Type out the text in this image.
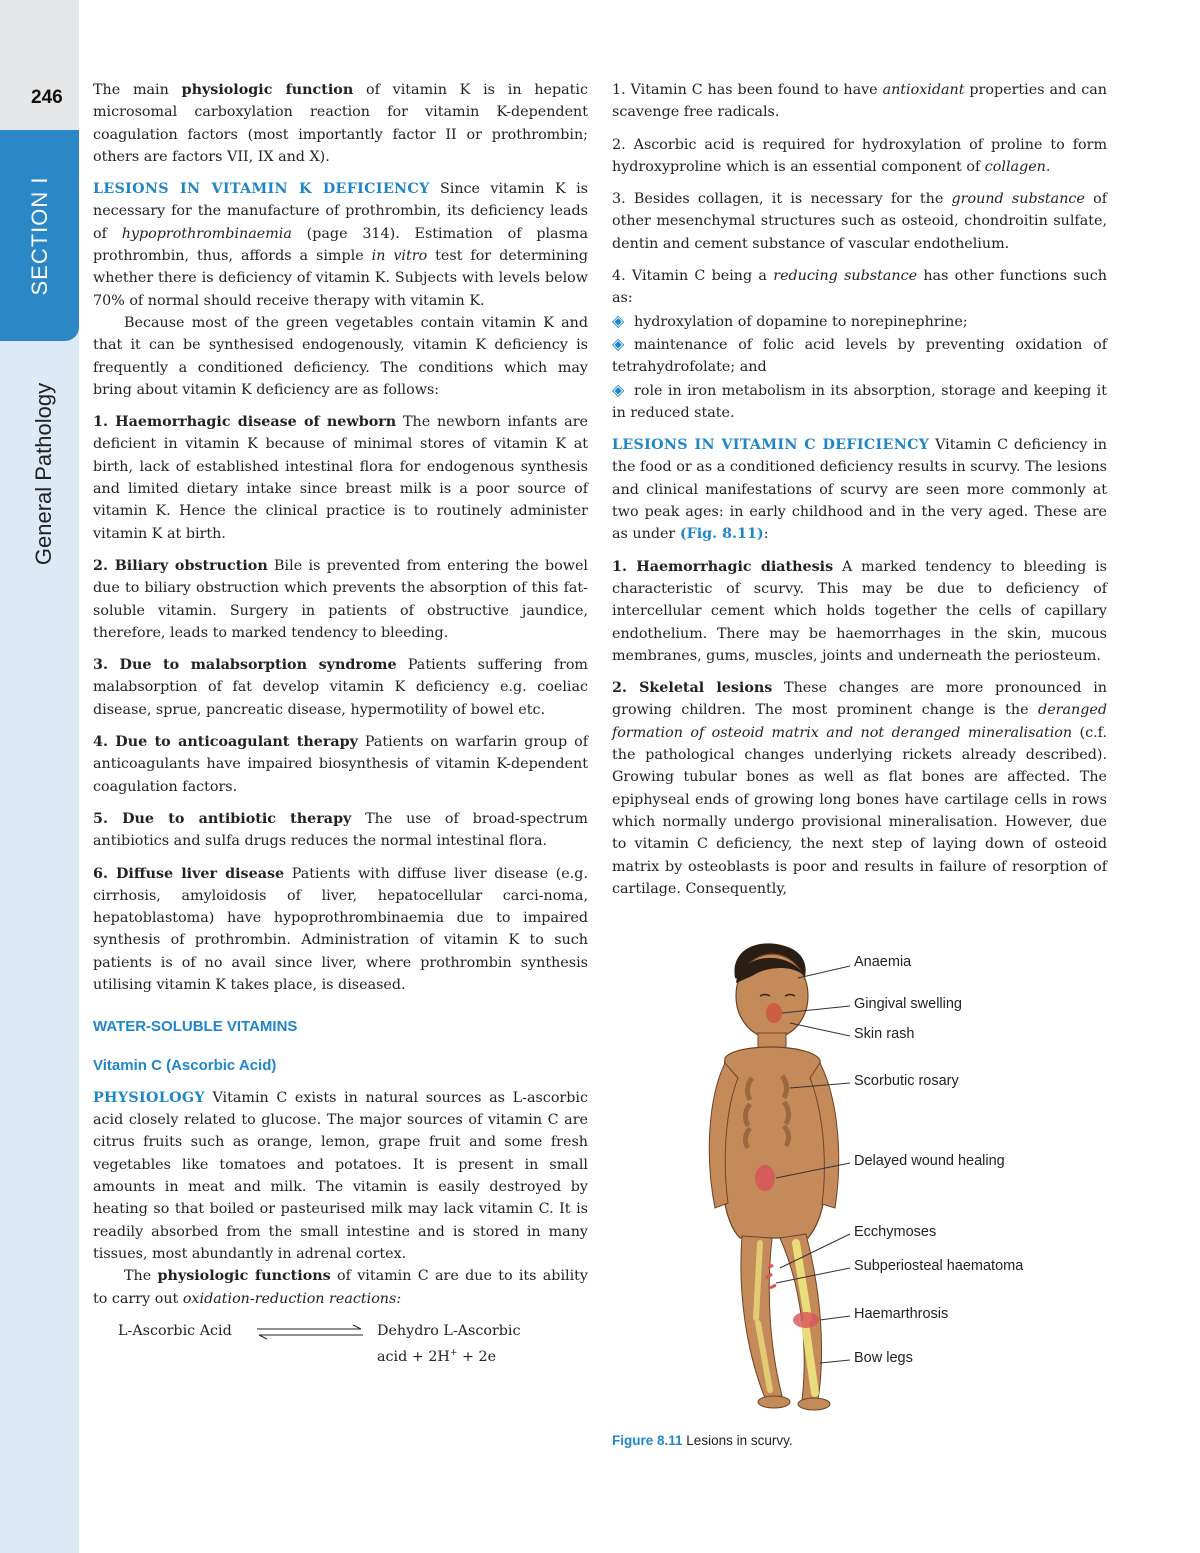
246
SECTION I
General Pathology

The main physiologic function of vitamin K is in hepatic microsomal carboxylation reaction for vitamin K-dependent coagulation factors (most importantly factor II or prothrombin; others are factors VII, IX and X).

LESIONS IN VITAMIN K DEFICIENCY Since vitamin K is necessary for the manufacture of prothrombin, its deficiency leads of hypoprothrombinaemia (page 314). Estimation of plasma prothrombin, thus, affords a simple in vitro test for determining whether there is deficiency of vitamin K. Subjects with levels below 70% of normal should receive therapy with vitamin K.

Because most of the green vegetables contain vitamin K and that it can be synthesised endogenously, vitamin K deficiency is frequently a conditioned deficiency. The conditions which may bring about vitamin K deficiency are as follows:

1. Haemorrhagic disease of newborn The newborn infants are deficient in vitamin K because of minimal stores of vitamin K at birth, lack of established intestinal flora for endogenous synthesis and limited dietary intake since breast milk is a poor source of vitamin K. Hence the clinical practice is to routinely administer vitamin K at birth.

2. Biliary obstruction Bile is prevented from entering the bowel due to biliary obstruction which prevents the absorption of this fat-soluble vitamin. Surgery in patients of obstructive jaundice, therefore, leads to marked tendency to bleeding.

3. Due to malabsorption syndrome Patients suffering from malabsorption of fat develop vitamin K deficiency e.g. coeliac disease, sprue, pancreatic disease, hypermotility of bowel etc.

4. Due to anticoagulant therapy Patients on warfarin group of anticoagulants have impaired biosynthesis of vitamin K-dependent coagulation factors.

5. Due to antibiotic therapy The use of broad-spectrum antibiotics and sulfa drugs reduces the normal intestinal flora.

6. Diffuse liver disease Patients with diffuse liver disease (e.g. cirrhosis, amyloidosis of liver, hepatocellular carci-noma, hepatoblastoma) have hypoprothrombinaemia due to impaired synthesis of prothrombin. Administration of vitamin K to such patients is of no avail since liver, where prothrombin synthesis utilising vitamin K takes place, is diseased.

WATER-SOLUBLE VITAMINS
Vitamin C (Ascorbic Acid)

PHYSIOLOGY Vitamin C exists in natural sources as L-ascorbic acid closely related to glucose. The major sources of vitamin C are citrus fruits such as orange, lemon, grape fruit and some fresh vegetables like tomatoes and potatoes. It is present in small amounts in meat and milk. The vitamin is easily destroyed by heating so that boiled or pasteurised milk may lack vitamin C. It is readily absorbed from the small intestine and is stored in many tissues, most abundantly in adrenal cortex.

The physiologic functions of vitamin C are due to its ability to carry out oxidation-reduction reactions:

L-Ascorbic Acid	Dehydro L-Ascorbic
acid + 2H+ + 2e

1. Vitamin C has been found to have antioxidant properties and can scavenge free radicals.

2. Ascorbic acid is required for hydroxylation of proline to form hydroxyproline which is an essential component of collagen.

3. Besides collagen, it is necessary for the ground substance of other mesenchymal structures such as osteoid, chondroitin sulfate, dentin and cement substance of vascular endothelium.

4. Vitamin C being a reducing substance has other functions such as:

◈ hydroxylation of dopamine to norepinephrine;
◈ maintenance of folic acid levels by preventing oxidation of tetrahydrofolate; and
◈ role in iron metabolism in its absorption, storage and keeping it in reduced state.

LESIONS IN VITAMIN C DEFICIENCY Vitamin C deficiency in the food or as a conditioned deficiency results in scurvy. The lesions and clinical manifestations of scurvy are seen more commonly at two peak ages: in early childhood and in the very aged. These are as under (Fig. 8.11):

1. Haemorrhagic diathesis A marked tendency to bleeding is characteristic of scurvy. This may be due to deficiency of intercellular cement which holds together the cells of capillary endothelium. There may be haemorrhages in the skin, mucous membranes, gums, muscles, joints and underneath the periosteum.

2. Skeletal lesions These changes are more pronounced in growing children. The most prominent change is the deranged formation of osteoid matrix and not deranged mineralisation (c.f. the pathological changes underlying rickets already described). Growing tubular bones as well as flat bones are affected. The epiphyseal ends of growing long bones have cartilage cells in rows which normally undergo provisional mineralisation. However, due to vitamin C deficiency, the next step of laying down of osteoid matrix by osteoblasts is poor and results in failure of resorption of cartilage. Consequently,

Anaemia
Gingival swelling
Skin rash
Scorbutic rosary
Delayed wound healing
Ecchymoses
Subperiosteal haematoma
Haemarthrosis
Bow legs
Figure 8.11 Lesions in scurvy.
